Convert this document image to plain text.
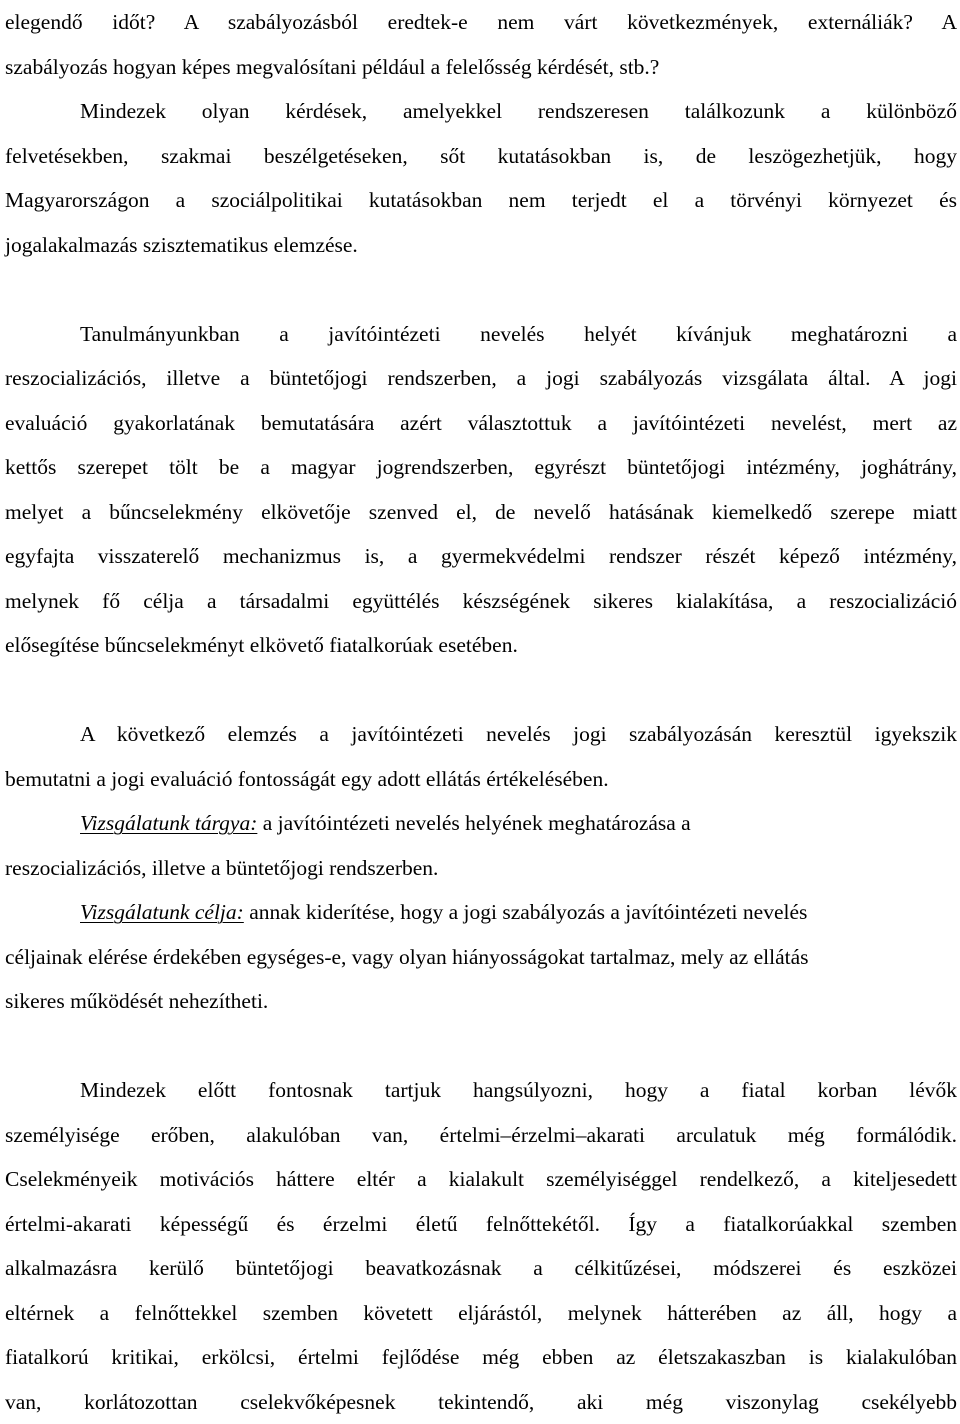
elegendő időt? A szabályozásból eredtek-e nem várt következmények, externáliák? A
szabályozás hogyan képes megvalósítani például a felelősség kérdését, stb.?
Mindezek olyan kérdések, amelyekkel rendszeresen találkozunk a különböző
felvetésekben, szakmai beszélgetéseken, sőt kutatásokban is, de leszögezhetjük, hogy
Magyarországon a szociálpolitikai kutatásokban nem terjedt el a törvényi környezet és
jogalakalmazás szisztematikus elemzése.
Tanulmányunkban a javítóintézeti nevelés helyét kívánjuk meghatározni a
reszocializációs, illetve a büntetőjogi rendszerben, a jogi szabályozás vizsgálata által. A jogi
evaluáció gyakorlatának bemutatására azért választottuk a javítóintézeti nevelést, mert az
kettős szerepet tölt be a magyar jogrendszerben, egyrészt büntetőjogi intézmény, joghátrány,
melyet a bűncselekmény elkövetője szenved el, de nevelő hatásának kiemelkedő szerepe miatt
egyfajta visszaterelő mechanizmus is, a gyermekvédelmi rendszer részét képező intézmény,
melynek fő célja a társadalmi együttélés készségének sikeres kialakítása, a reszocializáció
elősegítése bűncselekményt elkövető fiatalkorúak esetében.
A következő elemzés a javítóintézeti nevelés jogi szabályozásán keresztül igyekszik
bemutatni a jogi evaluáció fontosságát egy adott ellátás értékelésében.
Vizsgálatunk tárgya: a javítóintézeti nevelés helyének meghatározása a
reszocializációs, illetve a büntetőjogi rendszerben.
Vizsgálatunk célja: annak kiderítése, hogy a jogi szabályozás a javítóintézeti nevelés
céljainak elérése érdekében egységes-e, vagy olyan hiányosságokat tartalmaz, mely az ellátás
sikeres működését nehezítheti.
Mindezek előtt fontosnak tartjuk hangsúlyozni, hogy a fiatal korban lévők
személyisége erőben, alakulóban van, értelmi–érzelmi–akarati arculatuk még formálódik.
Cselekményeik motivációs háttere eltér a kialakult személyiséggel rendelkező, a kiteljesedett
értelmi-akarati képességű és érzelmi életű felnőttekétől. Így a fiatalkorúakkal szemben
alkalmazásra kerülő büntetőjogi beavatkozásnak a célkitűzései, módszerei és eszközei
eltérnek a felnőttekkel szemben követett eljárástól, melynek hátterében az áll, hogy a
fiatalkorú kritikai, erkölcsi, értelmi fejlődése még ebben az életszakaszban is kialakulóban
van, korlátozottan cselekvőképesnek tekintendő, aki még viszonylag csekélyebb
